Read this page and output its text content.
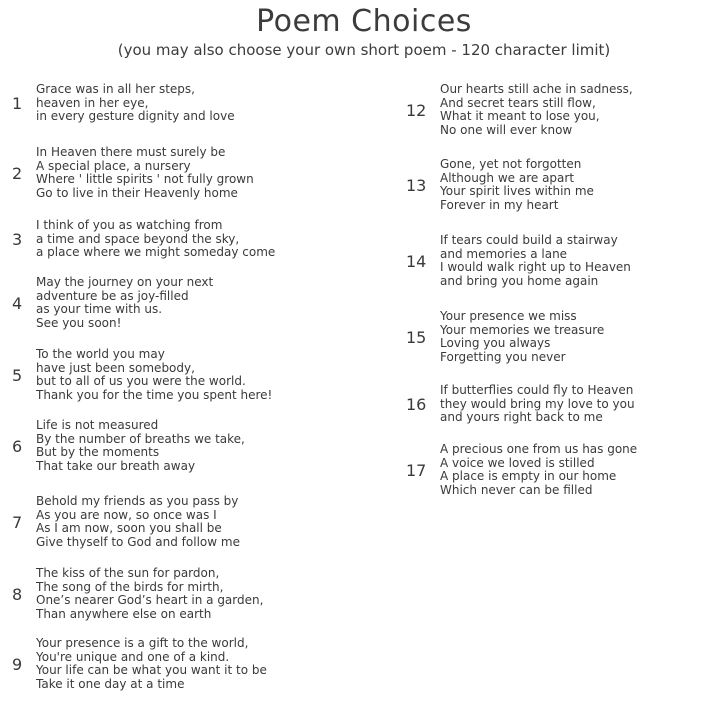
Poem Choices
(you may also choose your own short poem - 120 character limit)
1
Grace was in all her steps,
heaven in her eye,
in every gesture dignity and love
2
In Heaven there must surely be
A special place, a nursery
Where ' little spirits ' not fully grown
Go to live in their Heavenly home
3
I think of you as watching from
a time and space beyond the sky,
a place where we might someday come
4
May the journey on your next
adventure be as joy-filled
as your time with us.
See you soon!
5
To the world you may
have just been somebody,
but to all of us you were the world.
Thank you for the time you spent here!
6
Life is not measured
By the number of breaths we take,
But by the moments
That take our breath away
7
Behold my friends as you pass by
As you are now, so once was I
As I am now, soon you shall be
Give thyself to God and follow me
8
The kiss of the sun for pardon,
The song of the birds for mirth,
One’s nearer God’s heart in a garden,
Than anywhere else on earth
9
Your presence is a gift to the world,
You're unique and one of a kind.
Your life can be what you want it to be
Take it one day at a time
12
Our hearts still ache in sadness,
And secret tears still flow,
What it meant to lose you,
No one will ever know
13
Gone, yet not forgotten
Although we are apart
Your spirit lives within me
Forever in my heart
14
If tears could build a stairway
and memories a lane
I would walk right up to Heaven
and bring you home again
15
Your presence we miss
Your memories we treasure
Loving you always
Forgetting you never
16
If butterflies could fly to Heaven
they would bring my love to you
and yours right back to me
17
A precious one from us has gone
A voice we loved is stilled
A place is empty in our home
Which never can be filled
